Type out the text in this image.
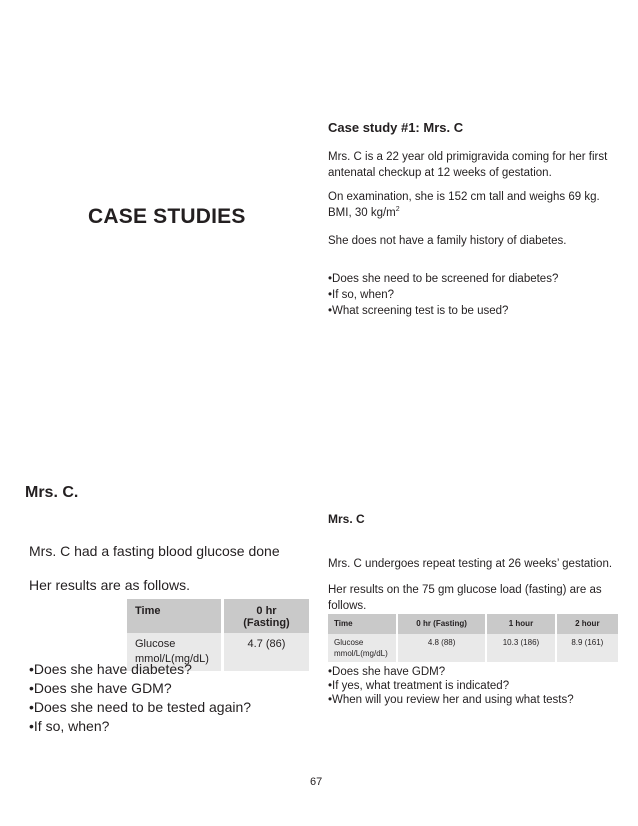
CASE STUDIES
Case study #1: Mrs. C
Mrs. C is a 22 year old primigravida coming for her first antenatal checkup at 12 weeks of gestation.
On examination, she is 152 cm tall and weighs 69 kg.
BMI, 30 $kg/m^2$
She does not have a family history of diabetes.
•Does she need to be screened for diabetes?
•If so, when?
•What screening test is to be used?
Mrs. C.
Mrs. C had a fasting blood glucose done
Her results are as follows.
Time		0 hr (Fasting)
Glucose
mmol/L(mg/dL)		4.7 (86)
•Does she have diabetes?
•Does she have GDM?
•Does she need to be tested again?
•If so, when?
Mrs. C
Mrs. C undergoes repeat testing at 26 weeks’ gestation.
Her results on the 75 gm glucose load (fasting) are as follows.
Time		0 hr (Fasting)		1 hour		2 hour
Glucose
mmol/L(mg/dL)		4.8 (88)		10.3 (186)		8.9 (161)
•Does she have GDM?
•If yes, what treatment is indicated?
•When will you review her and using what tests?
67
